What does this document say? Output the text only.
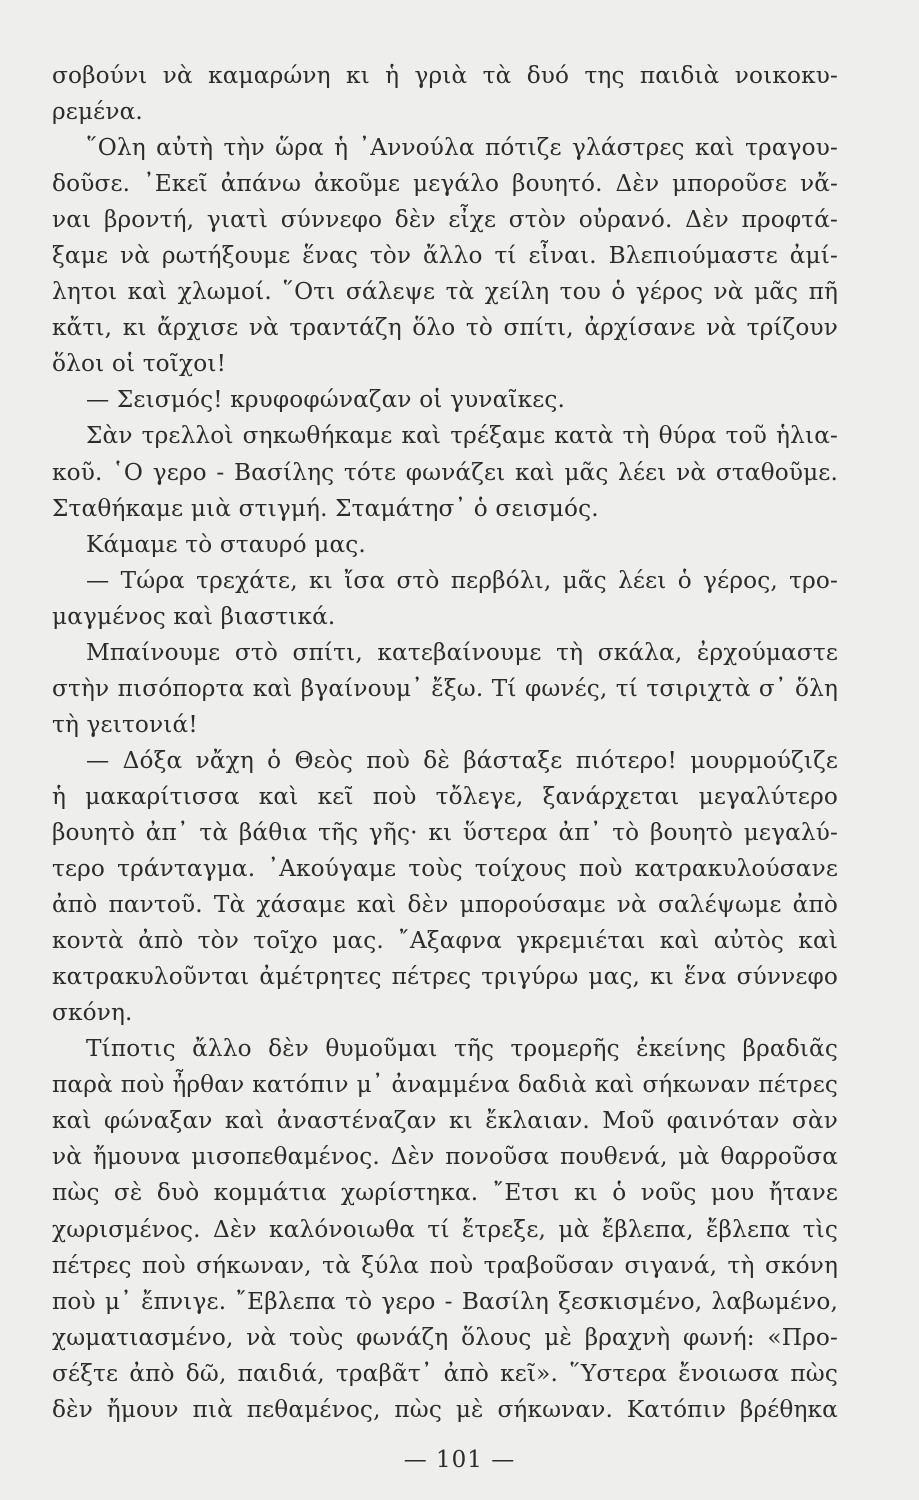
σοβούνι νὰ καμαρώνη κι ἡ γριὰ τὰ δυό της παιδιὰ νοικοκυ-
ρεμένα.
῞Ολη αὐτὴ τὴν ὥρα ἡ ᾿Αννούλα πότιζε γλάστρες καὶ τραγου-
δοῦσε. ᾿Εκεῖ ἀπάνω ἀκοῦμε μεγάλο βουητό. Δὲν μποροῦσε νἄ-
ναι βροντή, γιατὶ σύννεφο δὲν εἶχε στὸν οὐρανό. Δὲν προφτά-
ξαμε νὰ ρωτήξουμε ἕνας τὸν ἄλλο τί εἶναι. Βλεπιούμαστε ἀμί-
λητοι καὶ χλωμοί. ῞Οτι σάλεψε τὰ χείλη του ὁ γέρος νὰ μᾶς πῆ
κἄτι, κι ἄρχισε νὰ τραντάζη ὅλο τὸ σπίτι, ἀρχίσανε νὰ τρίζουν
ὅλοι οἱ τοῖχοι!
— Σεισμός! κρυφοφώναζαν οἱ γυναῖκες.
Σὰν τρελλοὶ σηκωθήκαμε καὶ τρέξαμε κατὰ τὴ θύρα τοῦ ἡλια-
κοῦ. ῾Ο γερο - Βασίλης τότε φωνάζει καὶ μᾶς λέει νὰ σταθοῦμε.
Σταθήκαμε μιὰ στιγμή. Σταμάτησ᾿ ὁ σεισμός.
Κάμαμε τὸ σταυρό μας.
— Τώρα τρεχάτε, κι ἴσα στὸ περβόλι, μᾶς λέει ὁ γέρος, τρο-
μαγμένος καὶ βιαστικά.
Μπαίνουμε στὸ σπίτι, κατεβαίνουμε τὴ σκάλα, ἐρχούμαστε
στὴν πισόπορτα καὶ βγαίνουμ᾿ ἔξω. Τί φωνές, τί τσιριχτὰ σ᾿ ὅλη
τὴ γειτονιά!
— Δόξα νἄχη ὁ Θεὸς ποὺ δὲ βάσταξε πιότερο! μουρμούζιζε
ἡ μακαρίτισσα καὶ κεῖ ποὺ τὄλεγε, ξανάρχεται μεγαλύτερο
βουητὸ ἀπ᾿ τὰ βάθια τῆς γῆς· κι ὕστερα ἀπ᾿ τὸ βουητὸ μεγαλύ-
τερο τράνταγμα. ᾿Ακούγαμε τοὺς τοίχους ποὺ κατρακυλούσανε
ἀπὸ παντοῦ. Τὰ χάσαμε καὶ δὲν μπορούσαμε νὰ σαλέψωμε ἀπὸ
κοντὰ ἀπὸ τὸν τοῖχο μας. ῎Αξαφνα γκρεμιέται καὶ αὐτὸς καὶ
κατρακυλοῦνται ἀμέτρητες πέτρες τριγύρω μας, κι ἕνα σύννεφο
σκόνη.
Τίποτις ἄλλο δὲν θυμοῦμαι τῆς τρομερῆς ἐκείνης βραδιᾶς
παρὰ ποὺ ἦρθαν κατόπιν μ᾿ ἀναμμένα δαδιὰ καὶ σήκωναν πέτρες
καὶ φώναξαν καὶ ἀναστέναζαν κι ἔκλαιαν. Μοῦ φαινόταν σὰν
νὰ ἤμουνα μισοπεθαμένος. Δὲν πονοῦσα πουθενά, μὰ θαρροῦσα
πὼς σὲ δυὸ κομμάτια χωρίστηκα. ῎Ετσι κι ὁ νοῦς μου ἤτανε
χωρισμένος. Δὲν καλόνοιωθα τί ἔτρεξε, μὰ ἔβλεπα, ἔβλεπα τὶς
πέτρες ποὺ σήκωναν, τὰ ξύλα ποὺ τραβοῦσαν σιγανά, τὴ σκόνη
ποὺ μ᾿ ἔπνιγε. ῎Εβλεπα τὸ γερο - Βασίλη ξεσκισμένο, λαβωμένο,
χωματιασμένο, νὰ τοὺς φωνάζη ὅλους μὲ βραχνὴ φωνή: «Προ-
σέξτε ἀπὸ δῶ, παιδιά, τραβᾶτ᾿ ἀπὸ κεῖ». ῞Υστερα ἔνοιωσα πὼς
δὲν ἤμουν πιὰ πεθαμένος, πὼς μὲ σήκωναν. Κατόπιν βρέθηκα
— 101 —
